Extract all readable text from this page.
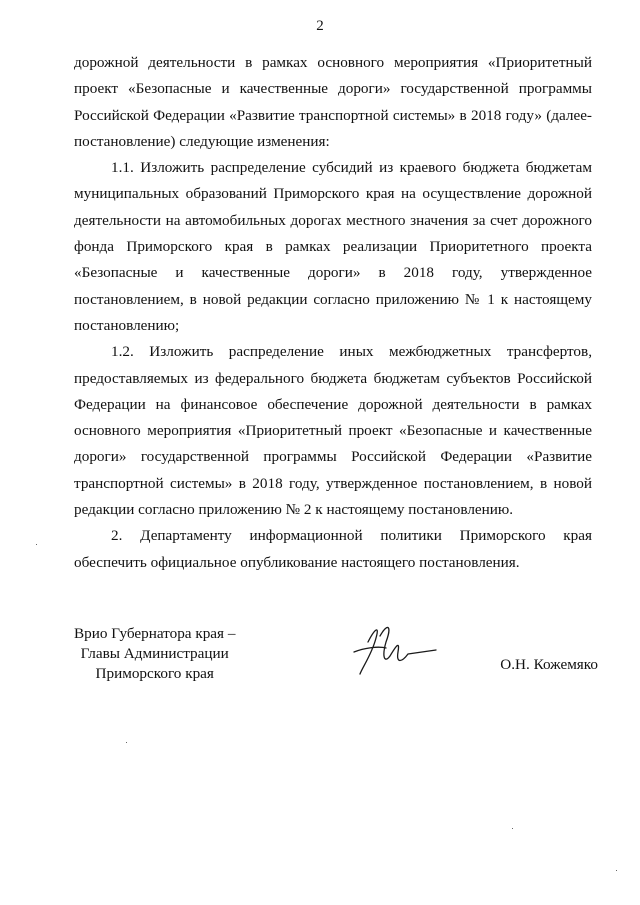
2

дорожной деятельности в рамках основного мероприятия «Приоритетный проект «Безопасные и качественные дороги» государственной программы Российской Федерации «Развитие транспортной системы» в 2018 году» (далее- постановление) следующие изменения:

1.1. Изложить распределение субсидий из краевого бюджета бюджетам муниципальных образований Приморского края на осуществление дорожной деятельности на автомобильных дорогах местного значения за счет дорожного фонда Приморского края в рамках реализации Приоритетного проекта «Безопасные и качественные дороги» в 2018 году, утвержденное постановлением, в новой редакции согласно приложению № 1 к настоящему постановлению;

1.2. Изложить распределение иных межбюджетных трансфертов, предоставляемых из федерального бюджета бюджетам субъектов Российской Федерации на финансовое обеспечение дорожной деятельности в рамках основного мероприятия «Приоритетный проект «Безопасные и качественные дороги» государственной программы Российской Федерации «Развитие транспортной системы» в 2018 году, утвержденное постановлением, в новой редакции согласно приложению № 2 к настоящему постановлению.

2. Департаменту информационной политики Приморского края обеспечить официальное опубликование настоящего постановления.

Врио Губернатора края –
Главы Администрации
Приморского края
О.Н. Кожемяко
